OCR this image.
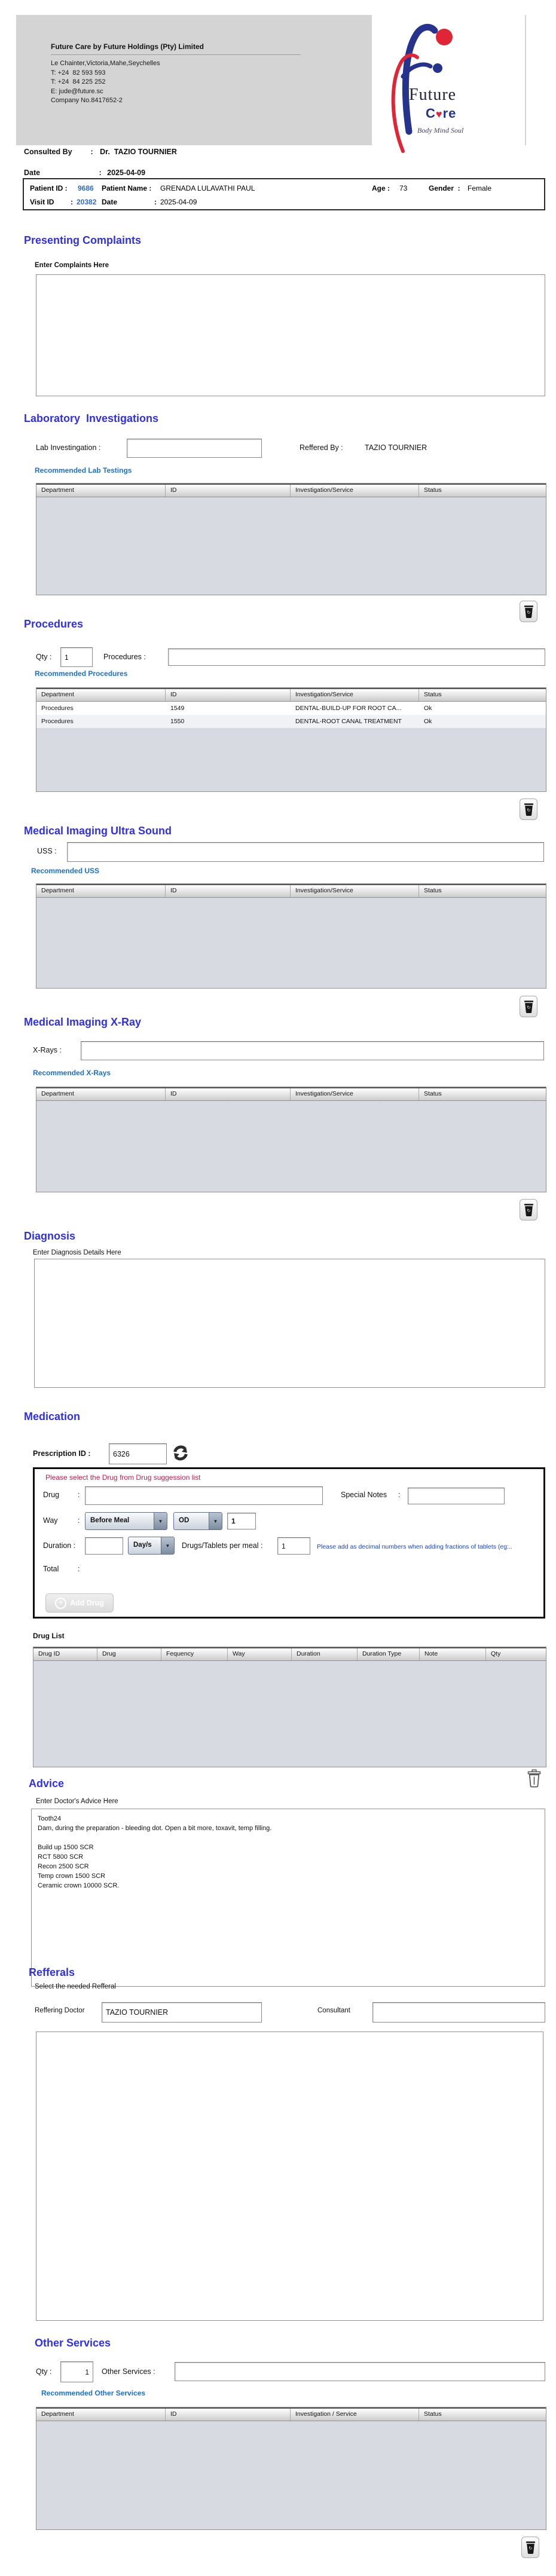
Future Care by Future Holdings (Pty) Limited
Le Chainter,Victoria,Mahe,Seychelles
T: +24  82 593 593
T: +24  84 225 252
E: jude@future.sc
Company No.8417652-2	Future
C♥re
Body Mind Soul
Consulted By : Dr.  TAZIO TOURNIER
Date	: 2025-04-09
Patient ID : 9686 Patient Name : GRENADA LULAVATHI PAUL	Age : 73	Gender  : Female
Visit ID : 20382 Date	: 2025-04-09
Presenting Complaints
Enter Complaints Here
Laboratory  Investigations
Lab Investingation :	Reffered By :	TAZIO TOURNIER
Recommended Lab Testings
Department	ID	Investigation/Service	Status
↻
Procedures
Qty :
1	Procedures :
Recommended Procedures
Department	ID	Investigation/Service	Status
Procedures	1549	DENTAL-BUILD-UP FOR ROOT CA...	Ok
Procedures	1550	DENTAL-ROOT CANAL TREATMENT	Ok
↻
Medical Imaging Ultra Sound
USS :
Recommended USS
Department	ID	Investigation/Service	Status
↻
Medical Imaging X-Ray
X-Rays :
Recommended X-Rays
Department	ID	Investigation/Service	Status
↻
Diagnosis
Enter Diagnosis Details Here
Medication
Prescription ID :
6326
Please select the Drug from Drug suggession list
Drug :	Special Notes :
Way	:	Before Meal	▼	OD	▼
1
Duration :	Day/s	▼	Drugs/Tablets per meal :
1	Please add as decimal numbers when adding fractions of tablets (eg:..
Total	:
+ Add Drug
Drug List
Drug ID	Drug	Fequency	Way	Duration	Duration Type	Note	Qty
Advice
Enter Doctor's Advice Here
Tooth24 Dam, during the preparation - bleeding dot. Open a bit more, toxavit, temp filling. Build up 1500 SCR RCT 5800 SCR Recon 2500 SCR Temp crown 1500 SCR Ceramic crown 10000 SCR.
Refferals
Select the needed Refferal
Reffering Doctor
TAZIO TOURNIER	Consultant
Other Services
Qty :
1	Other Services :
Recommended Other Services
Department	ID	Investigation / Service	Status
↻
